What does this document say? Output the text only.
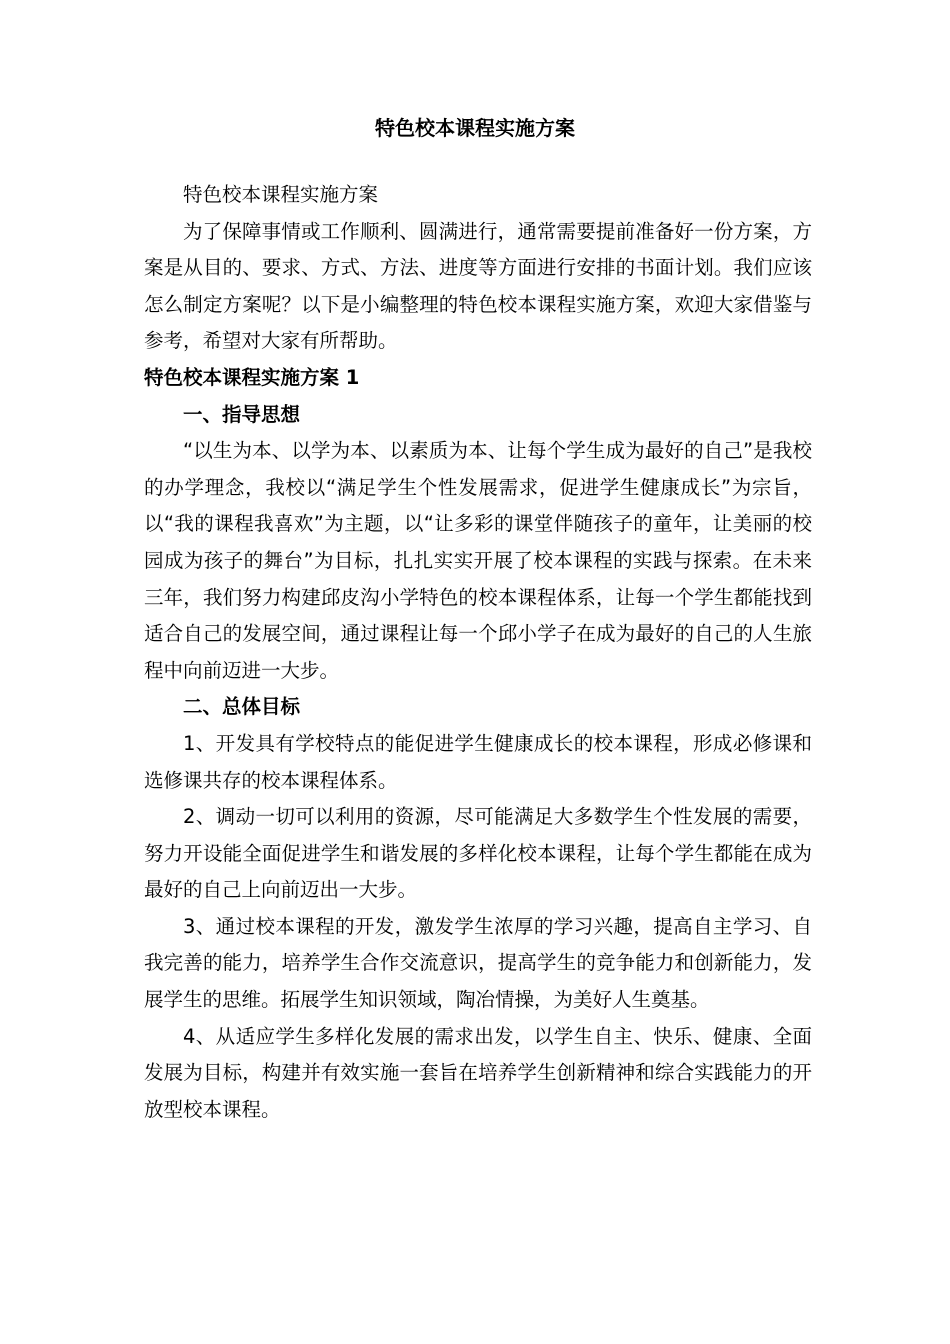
特色校本课程实施方案

特色校本课程实施方案

为了保障事情或工作顺利、圆满进行，通常需要提前准备好一份方案，方案是从目的、要求、方式、方法、进度等方面进行安排的书面计划。我们应该怎么制定方案呢？以下是小编整理的特色校本课程实施方案，欢迎大家借鉴与参考，希望对大家有所帮助。

特色校本课程实施方案 1

一、指导思想

“以生为本、以学为本、以素质为本、让每个学生成为最好的自己”是我校的办学理念，我校以“满足学生个性发展需求，促进学生健康成长”为宗旨，以“我的课程我喜欢”为主题，以“让多彩的课堂伴随孩子的童年，让美丽的校园成为孩子的舞台”为目标，扎扎实实开展了校本课程的实践与探索。在未来三年，我们努力构建邱皮沟小学特色的校本课程体系，让每一个学生都能找到适合自己的发展空间，通过课程让每一个邱小学子在成为最好的自己的人生旅程中向前迈进一大步。

二、总体目标

1、开发具有学校特点的能促进学生健康成长的校本课程，形成必修课和选修课共存的校本课程体系。

2、调动一切可以利用的资源，尽可能满足大多数学生个性发展的需要，努力开设能全面促进学生和谐发展的多样化校本课程，让每个学生都能在成为最好的自己上向前迈出一大步。

3、通过校本课程的开发，激发学生浓厚的学习兴趣，提高自主学习、自我完善的能力，培养学生合作交流意识，提高学生的竞争能力和创新能力，发展学生的思维。拓展学生知识领域，陶冶情操，为美好人生奠基。

4、从适应学生多样化发展的需求出发，以学生自主、快乐、健康、全面发展为目标，构建并有效实施一套旨在培养学生创新精神和综合实践能力的开放型校本课程。
